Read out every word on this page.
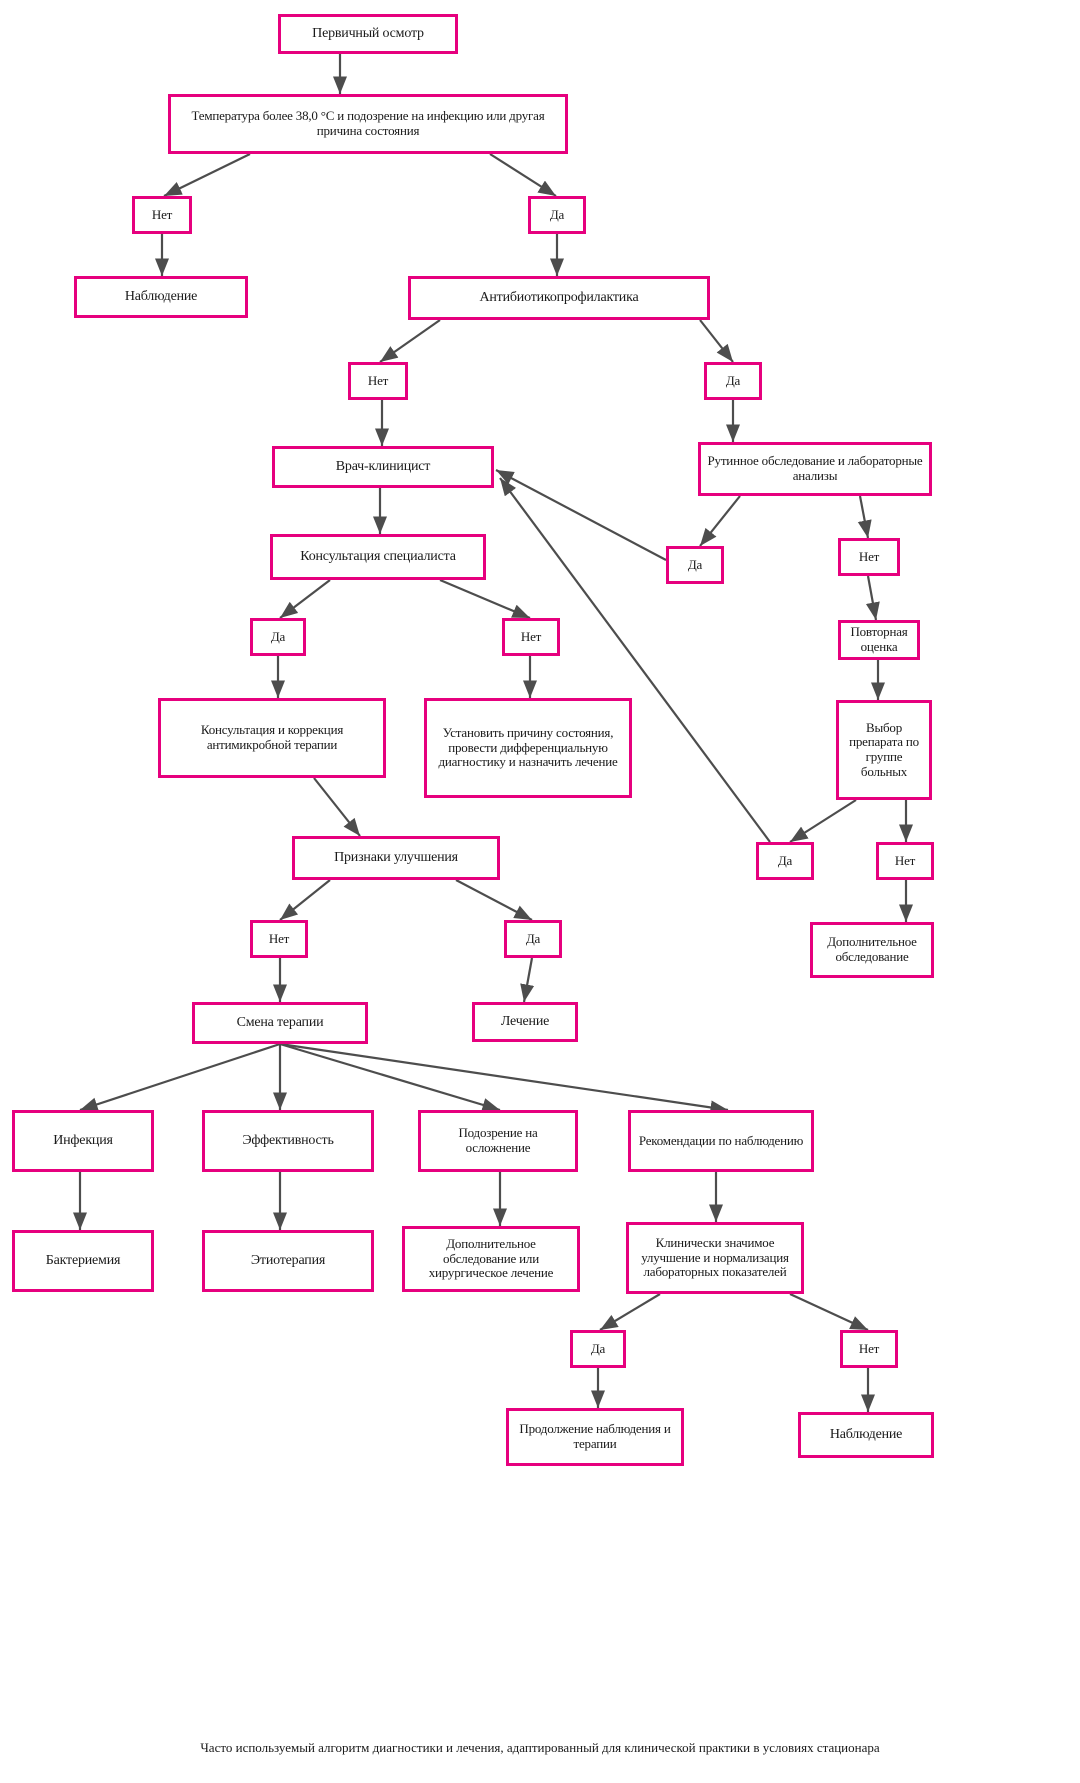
Первичный осмотр
Температура более 38,0 °C и подозрение на инфекцию или другая причина состояния
Нет	Да
Наблюдение	Антибиотикопрофилактика
Нет	Да
Врач-клиницист	Рутинное обследование и лабораторные анализы
Консультация специалиста
Да
Нет
Да	Нет	Повторная оценка
Консультация и коррекция антимикробной терапии
Установить причину состояния, провести дифференциальную диагностику и назначить лечение
Выбор препарата по группе больных
Признаки улучшения	Да	Нет
Нет	Да	Дополнительное обследование
Смена терапии	Лечение
Инфекция	Эффективность
Подозрение на осложнение	Рекомендации по наблюдению
Бактериемия	Этиотерапия
Дополнительное обследование или хирургическое лечение
Клинически значимое улучшение и нормализация лабораторных показателей
Да	Нет
Продолжение наблюдения и терапии
Наблюдение
Часто используемый алгоритм диагностики и лечения, адаптированный для клинической практики в условиях стационара
